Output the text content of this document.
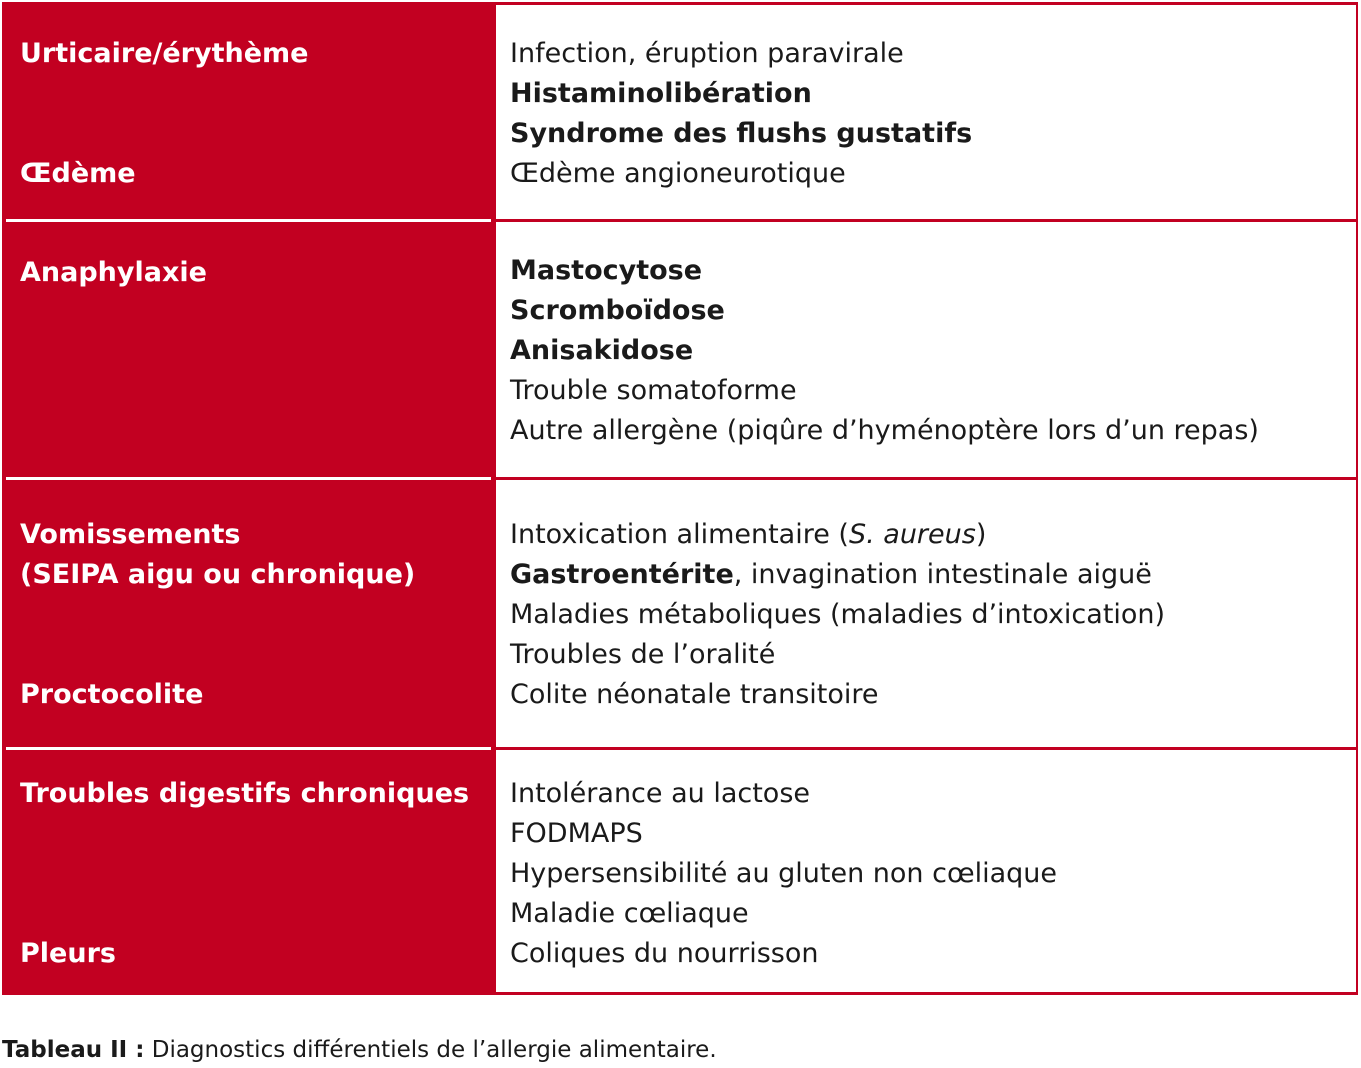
Urticaire/érythème

Œdème

Infection, éruption paravirale
Histaminolibération
Syndrome des flushs gustatifs
Œdème angioneurotique

Anaphylaxie	Mastocytose
Scromboïdose
Anisakidose
Trouble somatoforme
Autre allergène (piqûre d’hyménoptère lors d’un repas)

Vomissements

(SEIPA aigu ou chronique)

Proctocolite

Intoxication alimentaire (S. aureus)
Gastroentérite, invagination intestinale aiguë
Maladies métaboliques (maladies d’intoxication)
Troubles de l’oralité
Colite néonatale transitoire

Troubles digestifs chroniques

Pleurs

Intolérance au lactose
FODMAPS
Hypersensibilité au gluten non cœliaque
Maladie cœliaque
Coliques du nourrisson
Tableau II : Diagnostics différentiels de l’allergie alimentaire.
